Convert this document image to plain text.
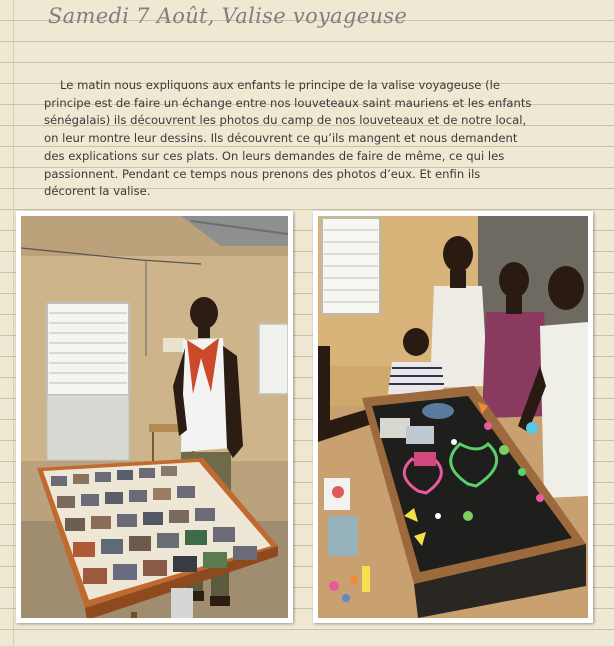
Samedi 7 Août, Valise voyageuse

Le matin nous expliquons aux enfants le principe de la valise voyageuse (le principe est de faire un échange entre nos louveteaux saint mauriens et les enfants sénégalais) ils découvrent les photos du camp de nos louveteaux et de notre local, on leur montre leur dessins. Ils découvrent ce qu’ils mangent et nous demandent des explications sur ces plats. On leurs demandes de faire de même, ce qui les passionnent. Pendant ce temps nous prenons des photos d’eux. Et enfin ils décorent la valise.
